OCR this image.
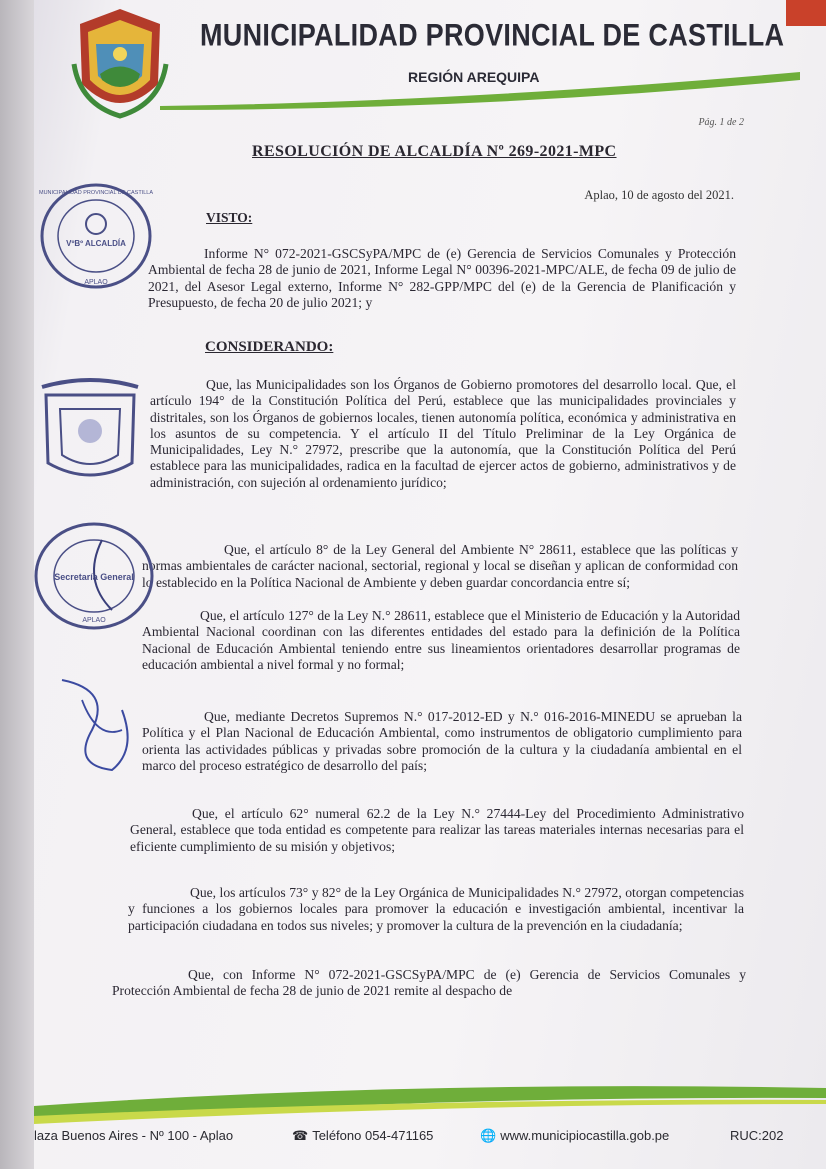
MUNICIPALIDAD PROVINCIAL DE CASTILLA
REGIÓN AREQUIPA
Pág. 1 de 2
RESOLUCIÓN DE ALCALDÍA Nº 269-2021-MPC
Aplao, 10 de agosto del 2021.
VISTO:
Informe N° 072-2021-GSCSyPA/MPC de (e) Gerencia de Servicios Comunales y Protección Ambiental de fecha 28 de junio de 2021, Informe Legal N° 00396-2021-MPC/ALE, de fecha 09 de julio de 2021, del Asesor Legal externo, Informe N° 282-GPP/MPC del (e) de la Gerencia de Planificación y Presupuesto, de fecha 20 de julio 2021; y
CONSIDERANDO:
Que, las Municipalidades son los Órganos de Gobierno promotores del desarrollo local. Que, el artículo 194° de la Constitución Política del Perú, establece que las municipalidades provinciales y distritales, son los Órganos de gobiernos locales, tienen autonomía política, económica y administrativa en los asuntos de su competencia. Y el artículo II del Título Preliminar de la Ley Orgánica de Municipalidades, Ley N.° 27972, prescribe que la autonomía, que la Constitución Política del Perú establece para las municipalidades, radica en la facultad de ejercer actos de gobierno, administrativos y de administración, con sujeción al ordenamiento jurídico;
Que, el artículo 8° de la Ley General del Ambiente N° 28611, establece que las políticas y normas ambientales de carácter nacional, sectorial, regional y local se diseñan y aplican de conformidad con lo establecido en la Política Nacional de Ambiente y deben guardar concordancia entre sí;
Que, el artículo 127° de la Ley N.° 28611, establece que el Ministerio de Educación y la Autoridad Ambiental Nacional coordinan con las diferentes entidades del estado para la definición de la Política Nacional de Educación Ambiental teniendo entre sus lineamientos orientadores desarrollar programas de educación ambiental a nivel formal y no formal;
Que, mediante Decretos Supremos N.° 017-2012-ED y N.° 016-2016-MINEDU se aprueban la Política y el Plan Nacional de Educación Ambiental, como instrumentos de obligatorio cumplimiento para orienta las actividades públicas y privadas sobre promoción de la cultura y la ciudadanía ambiental en el marco del proceso estratégico de desarrollo del país;
Que, el artículo 62° numeral 62.2 de la Ley N.° 27444-Ley del Procedimiento Administrativo General, establece que toda entidad es competente para realizar las tareas materiales internas necesarias para el eficiente cumplimiento de su misión y objetivos;
Que, los artículos 73° y 82° de la Ley Orgánica de Municipalidades N.° 27972, otorgan competencias y funciones a los gobiernos locales para promover la educación e investigación ambiental, incentivar la participación ciudadana en todos sus niveles; y promover la cultura de la prevención en la ciudadanía;
Que, con Informe N° 072-2021-GSCSyPA/MPC de (e) Gerencia de Servicios Comunales y Protección Ambiental de fecha 28 de junio de 2021 remite al despacho de
VºBº ALCALDÍA
APLAO
MUNICIPALIDAD PROVINCIAL DE CASTILLA
Secretaría General
APLAO
laza Buenos Aires - Nº 100 - Aplao	☎ Teléfono 054-471165	🌐 www.municipiocastilla.gob.pe	RUC:202
